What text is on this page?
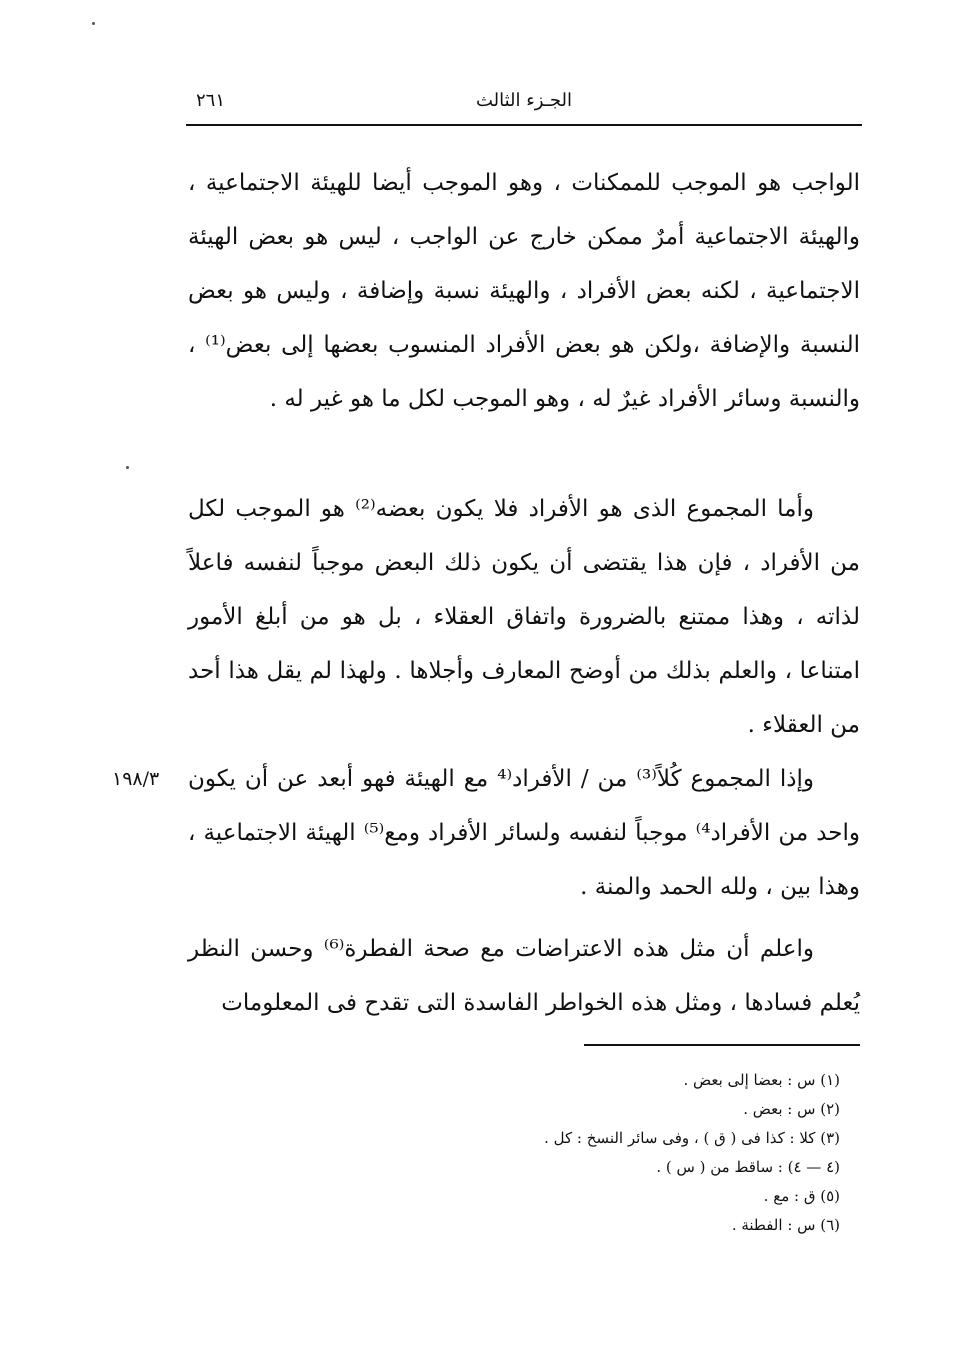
الجـزء الثالث
٢٦١

الواجب هو الموجب للممكنات ، وهو الموجب أيضا للهيئة الاجتماعية ، والهيئة الاجتماعية أمرٌ ممكن خارج عن الواجب ، ليس هو بعض الهيئة الاجتماعية ، لكنه بعض الأفراد ، والهيئة نسبة وإضافة ، وليس هو بعض النسبة والإضافة ،ولكن هو بعض الأفراد المنسوب بعضها إلى بعض⁽¹⁾ ، والنسبة وسائر الأفراد غيرٌ له ، وهو الموجب لكل ما هو غير له .

وأما المجموع الذى هو الأفراد فلا يكون بعضه⁽²⁾ هو الموجب لكل من الأفراد ، فإن هذا يقتضى أن يكون ذلك البعض موجباً لنفسه فاعلاً لذاته ، وهذا ممتنع بالضرورة واتفاق العقلاء ، بل هو من أبلغ الأمور امتناعا ، والعلم بذلك من أوضح المعارف وأجلاها . ولهذا لم يقل هذا أحد من العقلاء .

١٩٨/٣ وإذا المجموع كُلاً⁽³⁾ من / الأفراد⁽⁴ مع الهيئة فهو أبعد عن أن يكون واحد من الأفراد⁴⁾ موجباً لنفسه ولسائر الأفراد ومع⁽⁵⁾ الهيئة الاجتماعية ، وهذا بين ، ولله الحمد والمنة .

واعلم أن مثل هذه الاعتراضات مع صحة الفطرة⁽⁶⁾ وحسن النظر يُعلم فسادها ، ومثل هذه الخواطر الفاسدة التى تقدح فى المعلومات

(١) س : بعضا إلى بعض .
(٢) س : بعض .
(٣) كلا : كذا فى ( ق ) ، وفى سائر النسخ : كل .
(٤ — ٤) : ساقط من ( س ) .
(٥) ق : مع .
(٦) س : الفطنة .
